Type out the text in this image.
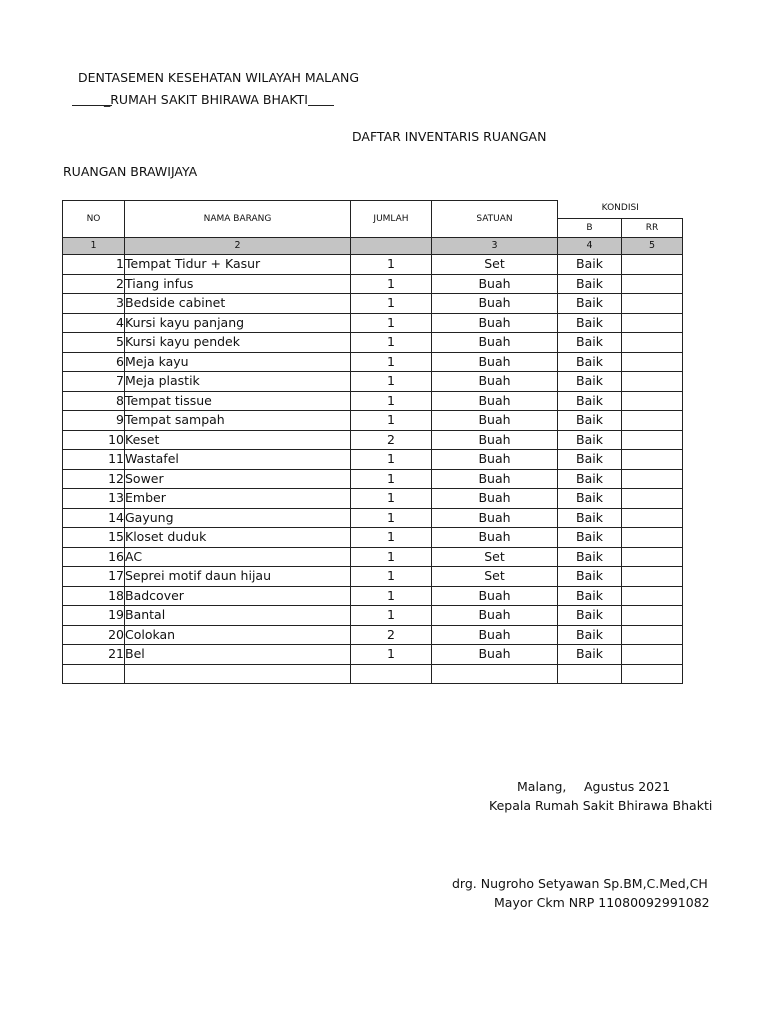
DENTASEMEN KESEHATAN WILAYAH MALANG
_RUMAH SAKIT BHIRAWA BHAKTI
DAFTAR INVENTARIS RUANGAN
RUANGAN BRAWIJAYA
NO	NAMA BARANG	JUMLAH	SATUAN	KONDISI	
				B	RR
1	2		3	4	5
1	Tempat Tidur + Kasur	1	Set	Baik	
2	Tiang infus	1	Buah	Baik	
3	Bedside cabinet	1	Buah	Baik	
4	Kursi kayu panjang	1	Buah	Baik	
5	Kursi kayu pendek	1	Buah	Baik	
6	Meja kayu	1	Buah	Baik	
7	Meja plastik	1	Buah	Baik	
8	Tempat tissue	1	Buah	Baik	
9	Tempat sampah	1	Buah	Baik	
10	Keset	2	Buah	Baik	
11	Wastafel	1	Buah	Baik	
12	Sower	1	Buah	Baik	
13	Ember	1	Buah	Baik	
14	Gayung	1	Buah	Baik	
15	Kloset duduk	1	Buah	Baik	
16	AC	1	Set	Baik	
17	Seprei motif daun hijau	1	Set	Baik	
18	Badcover	1	Buah	Baik	
19	Bantal	1	Buah	Baik	
20	Colokan	2	Buah	Baik	
21	Bel	1	Buah	Baik	

Malang, Agustus 2021
Kepala Rumah Sakit Bhirawa Bhakti
drg. Nugroho Setyawan Sp.BM,C.Med,CH
Mayor Ckm NRP 11080092991082
